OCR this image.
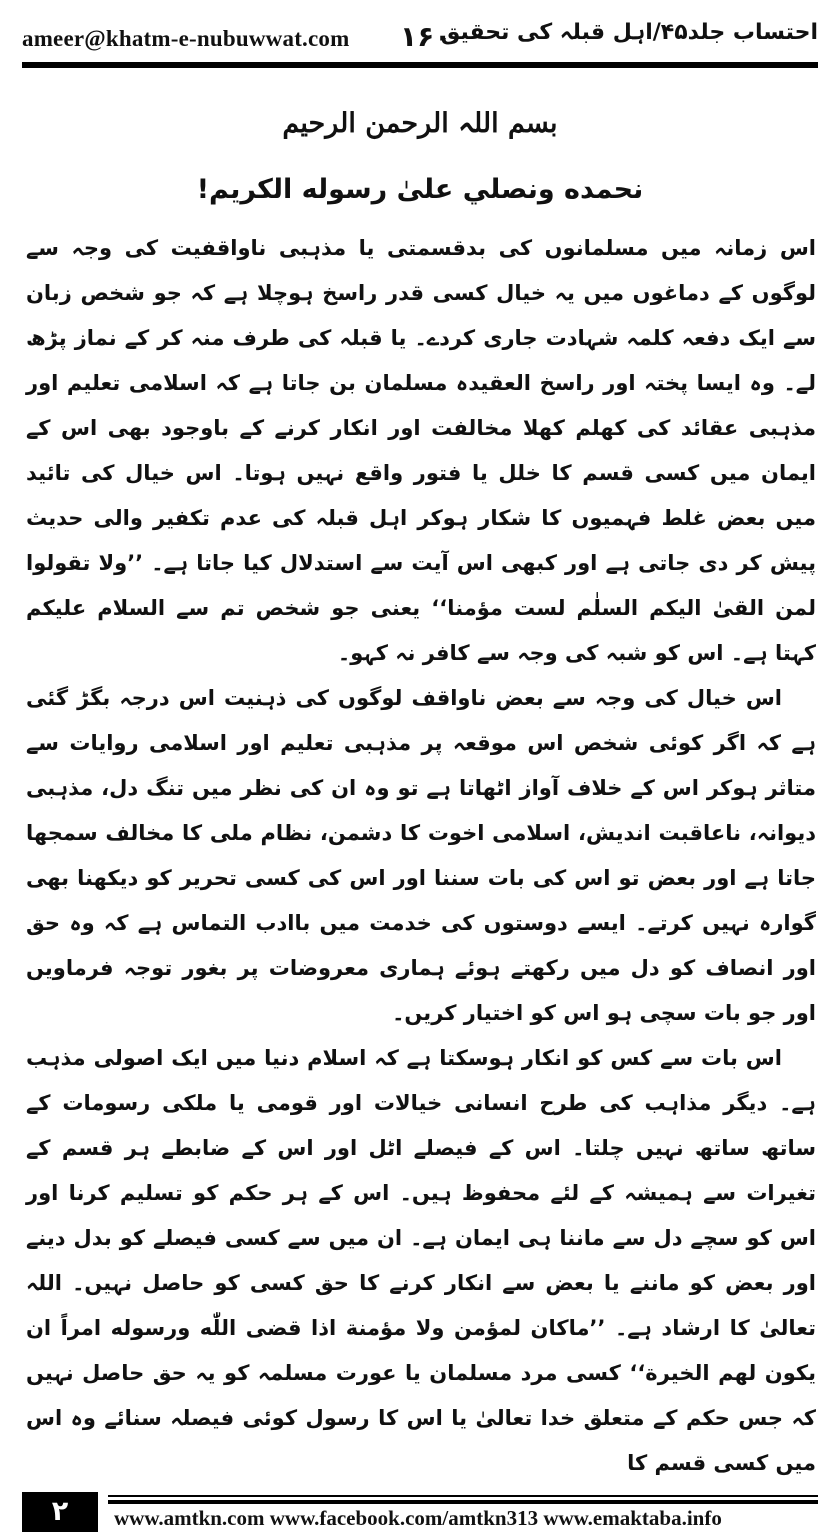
ameer@khatm-e-nubuwwat.com ۱۶۰
احتساب جلد۴۵/اہل قبلہ کی تحقیق
بسم اللہ الرحمن الرحیم
نحمده ونصلي علىٰ رسوله الكريم!

اس زمانہ میں مسلمانوں کی بدقسمتی یا مذہبی ناواقفیت کی وجہ سے لوگوں کے دماغوں میں یہ خیال کسی قدر راسخ ہوچلا ہے کہ جو شخص زبان سے ایک دفعہ کلمہ شہادت جاری کردے۔ یا قبلہ کی طرف منہ کر کے نماز پڑھ لے۔ وہ ایسا پختہ اور راسخ العقیدہ مسلمان بن جاتا ہے کہ اسلامی تعلیم اور مذہبی عقائد کی کھلم کھلا مخالفت اور انکار کرنے کے باوجود بھی اس کے ایمان میں کسی قسم کا خلل یا فتور واقع نہیں ہوتا۔ اس خیال کی تائید میں بعض غلط فہمیوں کا شکار ہوکر اہل قبلہ کی عدم تکفیر والی حدیث پیش کر دی جاتی ہے اور کبھی اس آیت سے استدلال کیا جاتا ہے۔ ’’ولا تقولوا لمن القیٰ الیکم السلٰم لست مؤمنا‘‘ یعنی جو شخص تم سے السلام علیکم کہتا ہے۔ اس کو شبہ کی وجہ سے کافر نہ کہو۔

اس خیال کی وجہ سے بعض ناواقف لوگوں کی ذہنیت اس درجہ بگڑ گئی ہے کہ اگر کوئی شخص اس موقعہ پر مذہبی تعلیم اور اسلامی روایات سے متاثر ہوکر اس کے خلاف آواز اٹھاتا ہے تو وہ ان کی نظر میں تنگ دل، مذہبی دیوانہ، ناعاقبت اندیش، اسلامی اخوت کا دشمن، نظام ملی کا مخالف سمجھا جاتا ہے اور بعض تو اس کی بات سننا اور اس کی کسی تحریر کو دیکھنا بھی گوارہ نہیں کرتے۔ ایسے دوستوں کی خدمت میں باادب التماس ہے کہ وہ حق اور انصاف کو دل میں رکھتے ہوئے ہماری معروضات پر بغور توجہ فرماویں اور جو بات سچی ہو اس کو اختیار کریں۔

اس بات سے کس کو انکار ہوسکتا ہے کہ اسلام دنیا میں ایک اصولی مذہب ہے۔ دیگر مذاہب کی طرح انسانی خیالات اور قومی یا ملکی رسومات کے ساتھ ساتھ نہیں چلتا۔ اس کے فیصلے اٹل اور اس کے ضابطے ہر قسم کے تغیرات سے ہمیشہ کے لئے محفوظ ہیں۔ اس کے ہر حکم کو تسلیم کرنا اور اس کو سچے دل سے ماننا ہی ایمان ہے۔ ان میں سے کسی فیصلے کو بدل دینے اور بعض کو ماننے یا بعض سے انکار کرنے کا حق کسی کو حاصل نہیں۔ اللہ تعالیٰ کا ارشاد ہے۔ ’’ماکان لمؤمن ولا مؤمنة اذا قضی اللّٰه ورسوله امراً ان یکون لهم الخیرة‘‘ کسی مرد مسلمان یا عورت مسلمہ کو یہ حق حاصل نہیں کہ جس حکم کے متعلق خدا تعالیٰ یا اس کا رسول کوئی فیصلہ سنائے وہ اس میں کسی قسم کا

۲	www.amtkn.com www.facebook.com/amtkn313 www.emaktaba.info
